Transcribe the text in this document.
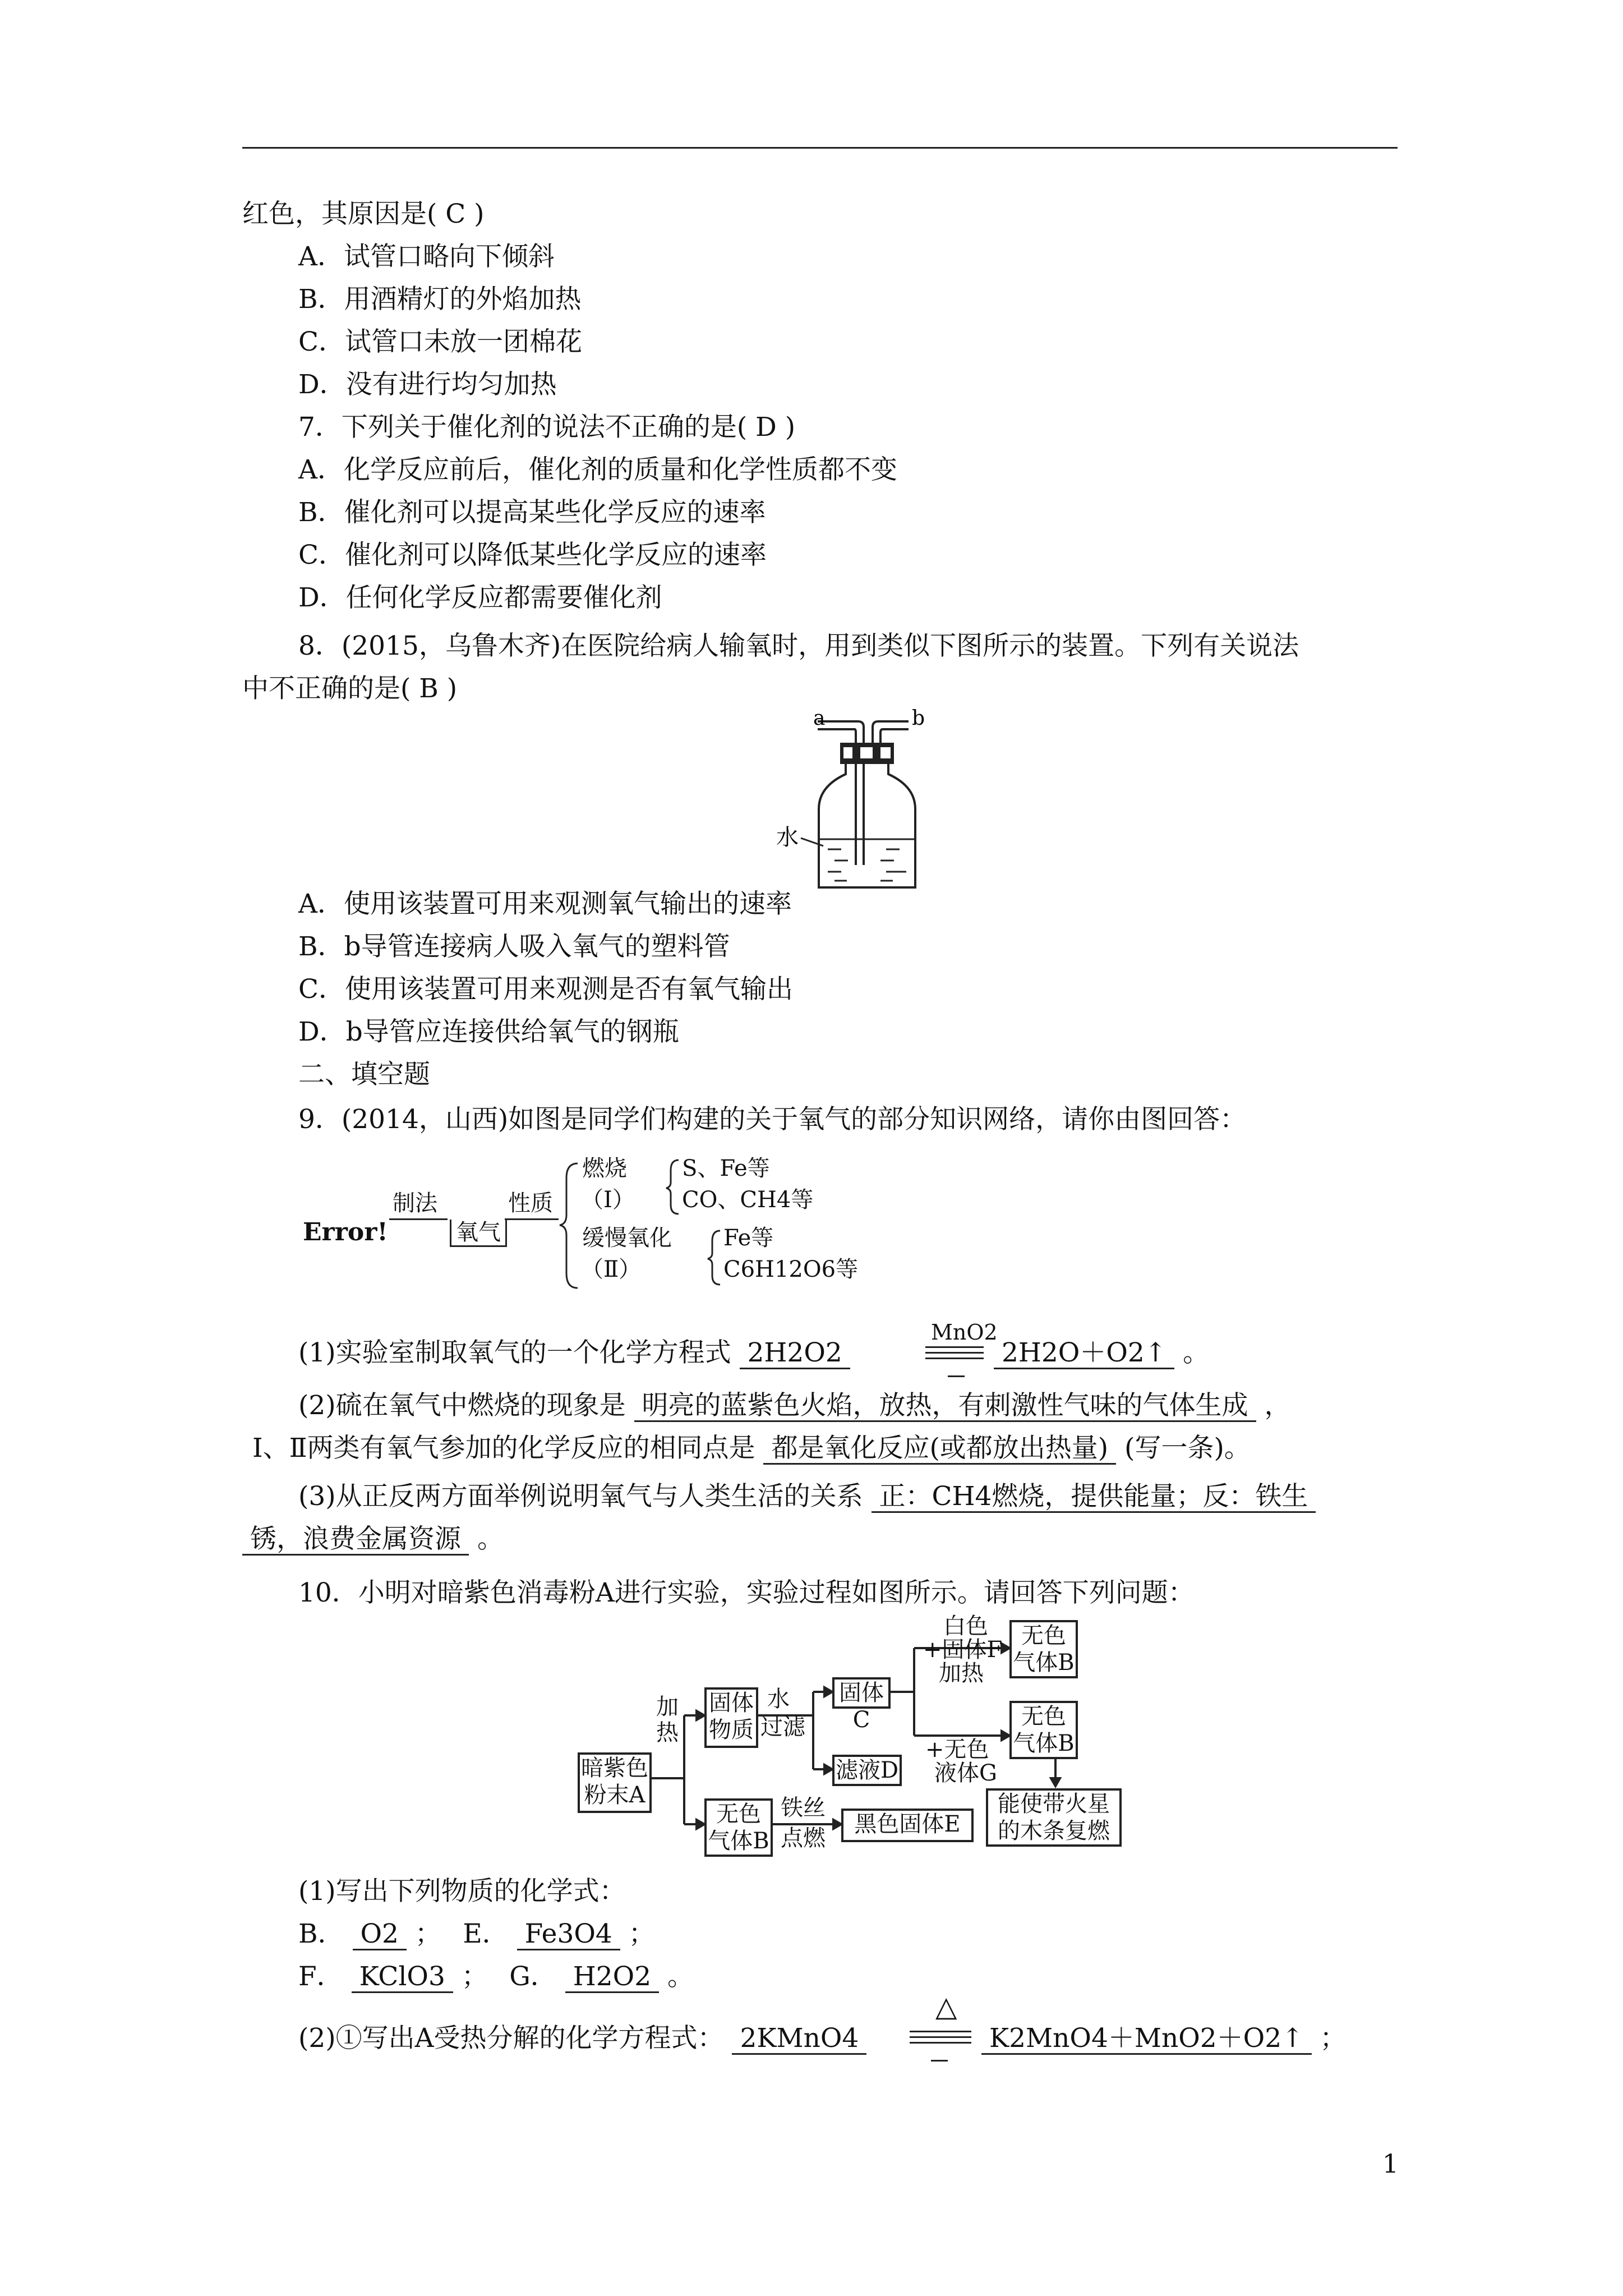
红色，其原因是( C )
A．试管口略向下倾斜
B．用酒精灯的外焰加热
C．试管口未放一团棉花
D．没有进行均匀加热
7．下列关于催化剂的说法不正确的是( D )
A．化学反应前后，催化剂的质量和化学性质都不变
B．催化剂可以提高某些化学反应的速率
C．催化剂可以降低某些化学反应的速率
D．任何化学反应都需要催化剂
8．(2015，乌鲁木齐)在医院给病人输氧时，用到类似下图所示的装置。下列有关说法
中不正确的是( B )
a	b
水
A．使用该装置可用来观测氧气输出的速率
B．b导管连接病人吸入氧气的塑料管
C．使用该装置可用来观测是否有氧气输出
D．b导管应连接供给氧气的钢瓶
二、填空题
9．(2014，山西)如图是同学们构建的关于氧气的部分知识网络，请你由图回答：
Error!
制法
氧气
性质
燃烧
（Ⅰ）
S、Fe等
CO、CH4等
缓慢氧化
（Ⅱ）
Fe等
C6H12O6等
(1)实验室制取氧气的一个化学方程式 2H2O2
MnO2
2H2O＋O2↑ 。
(2)硫在氧气中燃烧的现象是 明亮的蓝紫色火焰，放热，有刺激性气味的气体生成 ，
Ⅰ、Ⅱ两类有氧气参加的化学反应的相同点是 都是氧化反应(或都放出热量) (写一条)。
(3)从正反两方面举例说明氧气与人类生活的关系 正：CH4燃烧，提供能量；反：铁生
锈，浪费金属资源 。
10．小明对暗紫色消毒粉A进行实验，实验过程如图所示。请回答下列问题：
暗紫色粉末A
加热
固体物质
水
过滤
固体C
滤液D
白色
+固体F
加热
无色气体B
+无色
液体G
无色气体B
能使带火星的木条复燃
无色气体B
铁丝
点燃
黑色固体E
(1)写出下列物质的化学式：
B． O2 ；　 E． Fe3O4 ；
F． KClO3 ；　 G． H2O2 。
(2)①写出A受热分解的化学方程式： 2KMnO4
△
K2MnO4＋MnO2＋O2↑ ；
1
